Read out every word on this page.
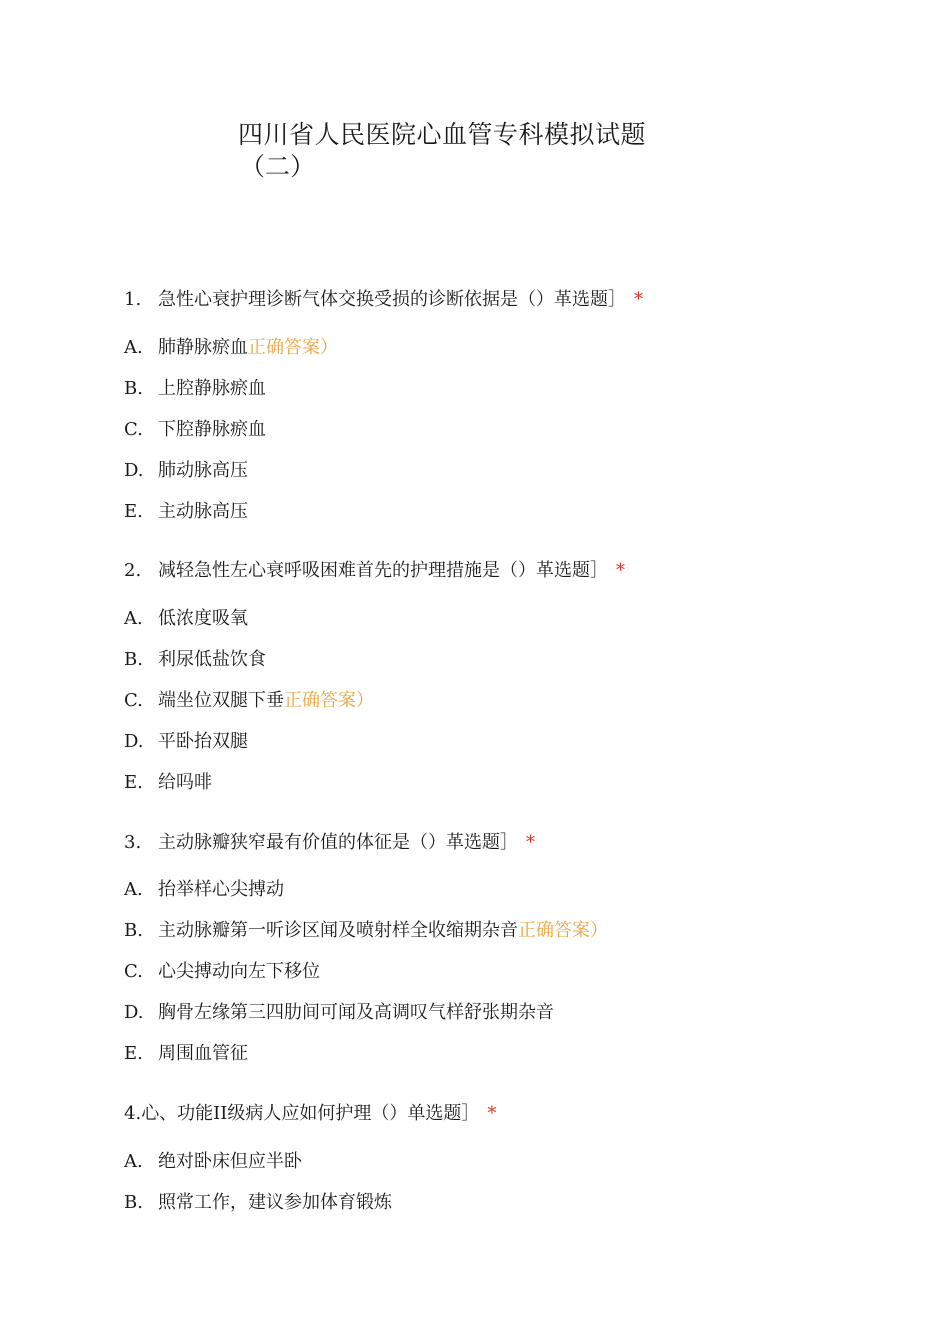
四川省人民医院心血管专科模拟试题
（二）
1. 急性心衰护理诊断气体交换受损的诊断依据是（）革选题］ *
A. 肺静脉瘀血正确答案）
B. 上腔静脉瘀血
C. 下腔静脉瘀血
D. 肺动脉高压
E. 主动脉高压
2. 减轻急性左心衰呼吸困难首先的护理措施是（）革选题］ *
A. 低浓度吸氧
B. 利尿低盐饮食
C. 端坐位双腿下垂正确答案）
D. 平卧抬双腿
E. 给吗啡
3. 主动脉瓣狭窄最有价值的体征是（）革选题］ *
A. 抬举样心尖搏动
B. 主动脉瓣第一听诊区闻及喷射样全收缩期杂音正确答案）
C. 心尖搏动向左下移位
D. 胸骨左缘第三四肋间可闻及高调叹气样舒张期杂音
E. 周围血管征
4.心、功能II级病人应如何护理（）单选题］ *
A. 绝对卧床但应半卧
B. 照常工作，建议参加体育锻炼
